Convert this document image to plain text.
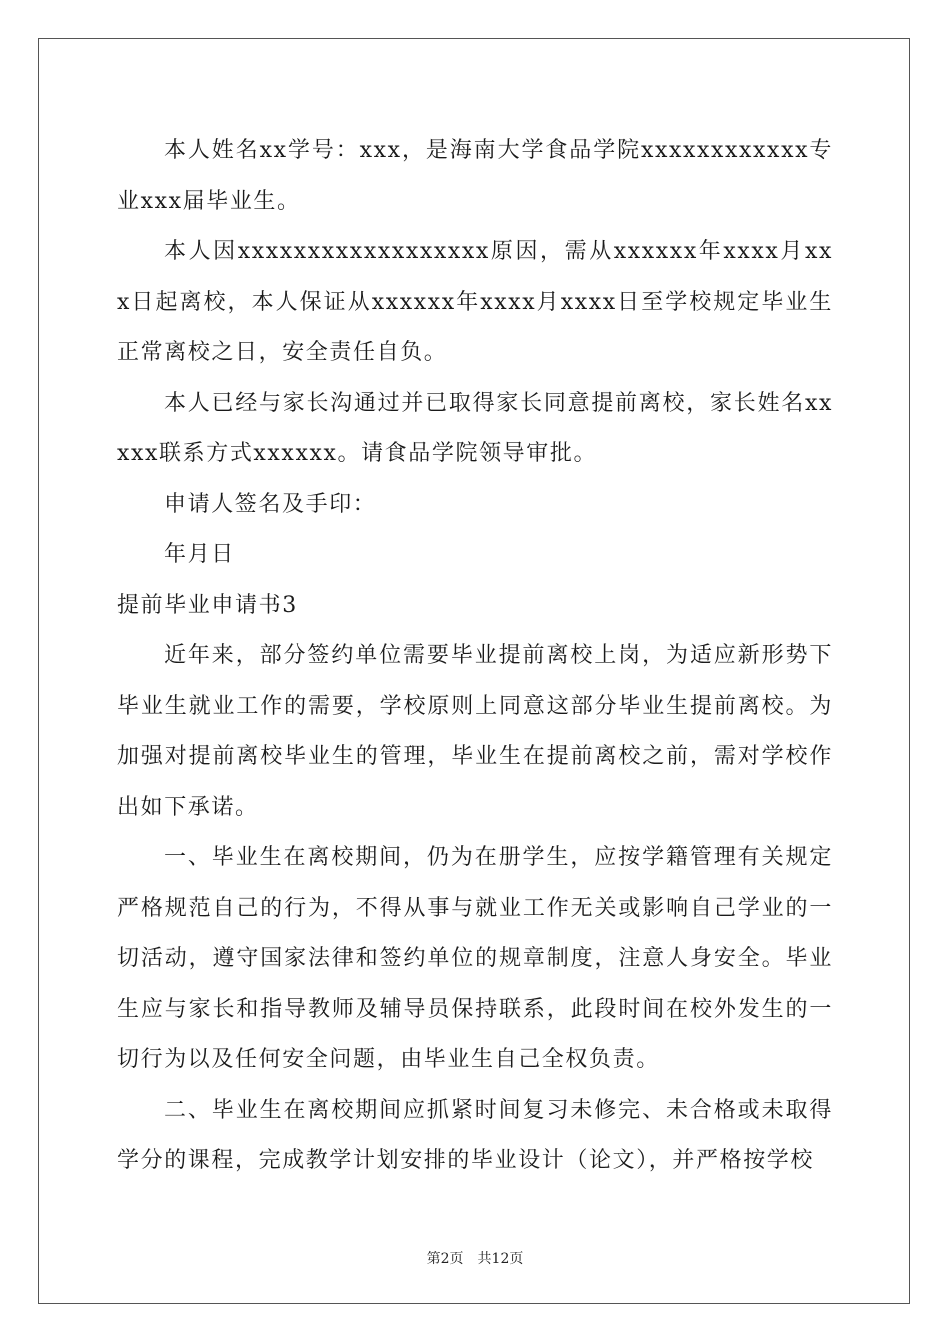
本人姓名xx学号：xxx，是海南大学食品学院xxxxxxxxxxxx专业xxx届毕业生。

本人因xxxxxxxxxxxxxxxxxx原因，需从xxxxxx年xxxx月xxx日起离校，本人保证从xxxxxx年xxxx月xxxx日至学校规定毕业生正常离校之日，安全责任自负。

本人已经与家长沟通过并已取得家长同意提前离校，家长姓名xxxxx联系方式xxxxxx。请食品学院领导审批。

申请人签名及手印：

年月日

提前毕业申请书3

近年来，部分签约单位需要毕业提前离校上岗，为适应新形势下毕业生就业工作的需要，学校原则上同意这部分毕业生提前离校。为加强对提前离校毕业生的管理，毕业生在提前离校之前，需对学校作出如下承诺。

一、毕业生在离校期间，仍为在册学生，应按学籍管理有关规定严格规范自己的行为，不得从事与就业工作无关或影响自己学业的一切活动，遵守国家法律和签约单位的规章制度，注意人身安全。毕业生应与家长和指导教师及辅导员保持联系，此段时间在校外发生的一切行为以及任何安全问题，由毕业生自己全权负责。

二、毕业生在离校期间应抓紧时间复习未修完、未合格或未取得学分的课程，完成教学计划安排的毕业设计（论文），并严格按学校

第2页 共12页
